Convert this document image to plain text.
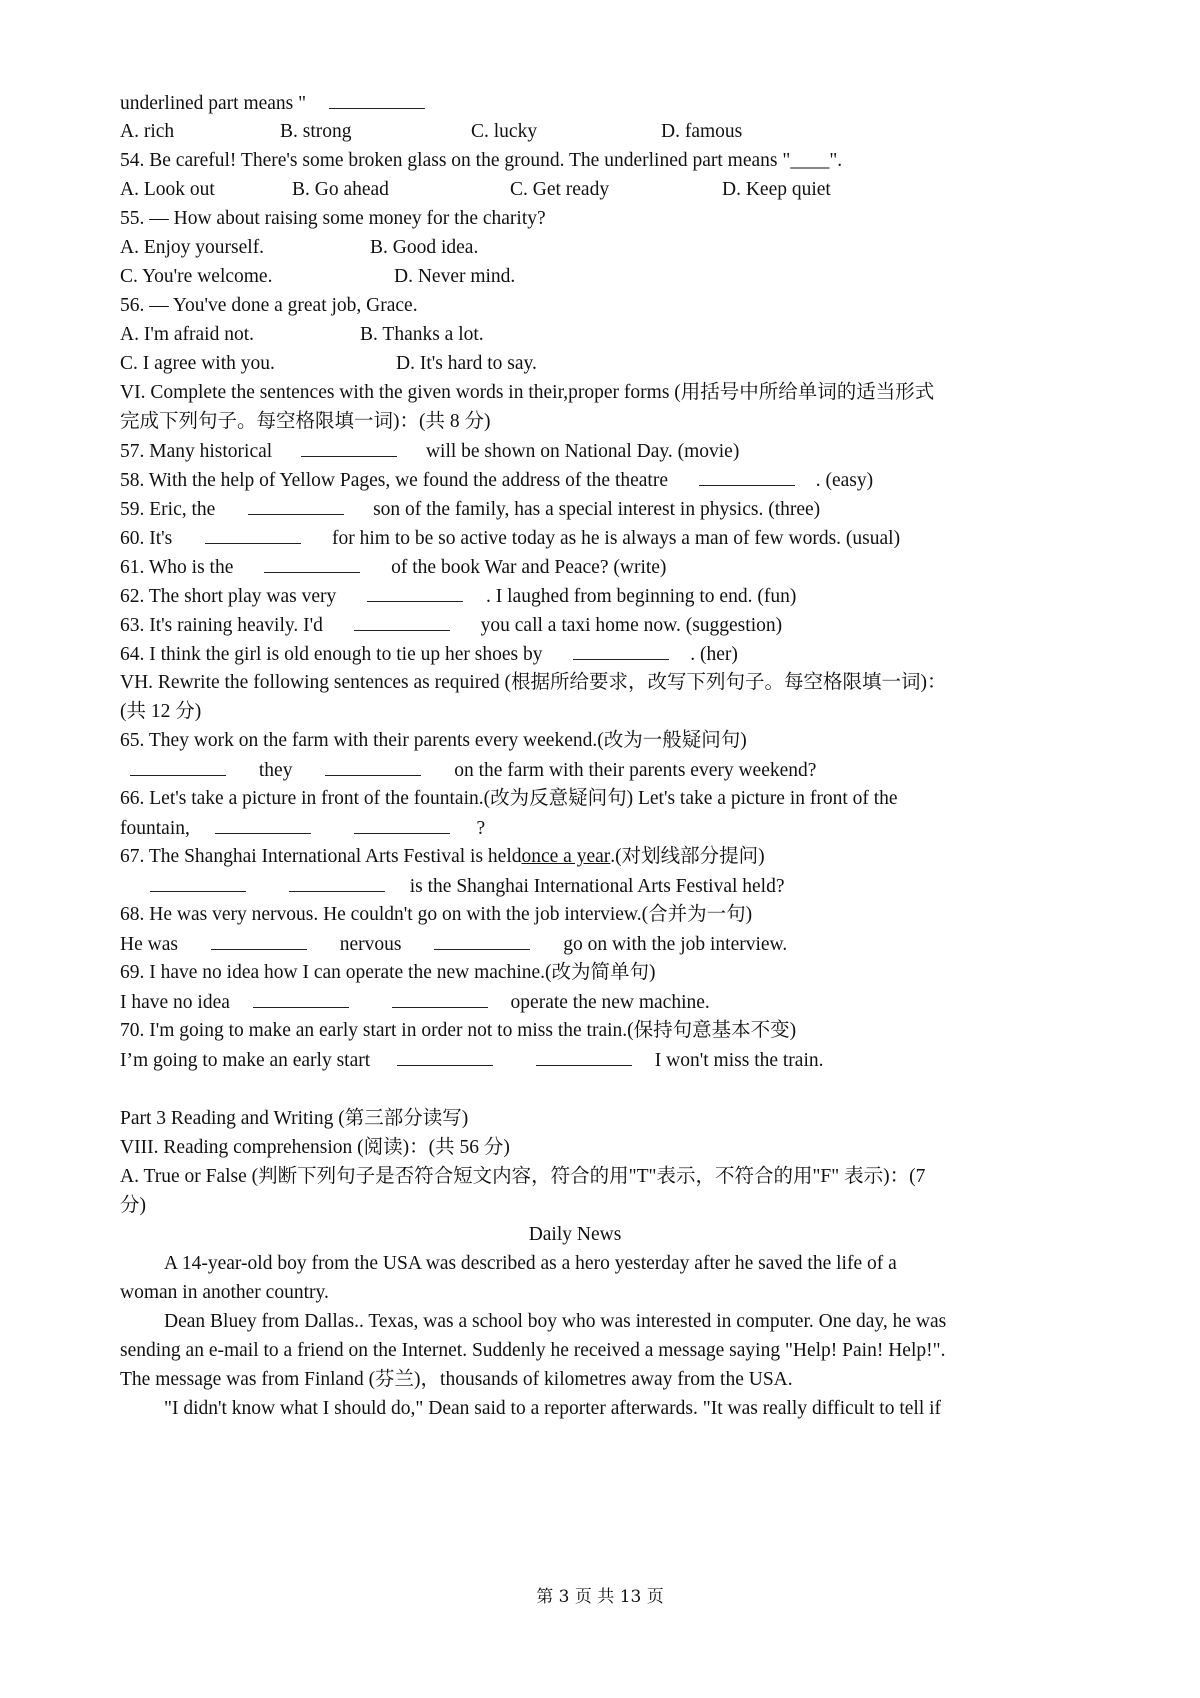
underlined part means "
A. rich	B. strong	C. lucky	D. famous
54. Be careful! There's some broken glass on the ground. The underlined part means "____".
A. Look out	B. Go ahead	C. Get ready	D. Keep quiet
55. — How about raising some money for the charity?
A. Enjoy yourself.	B. Good idea.
C. You're welcome.	D. Never mind.
56. — You've done a great job, Grace.
A. I'm afraid not.	B. Thanks a lot.
C. I agree with you.	D. It's hard to say.
VI. Complete the sentences with the given words in their,proper forms (用括号中所给单词的适当形式
完成下列句子。每空格限填一词)：(共 8 分)
57. Many historical	will be shown on National Day. (movie)
58. With the help of Yellow Pages, we found the address of the theatre	. (easy)
59. Eric, the	son of the family, has a special interest in physics. (three)
60. It's	for him to be so active today as he is always a man of few words. (usual)
61. Who is the	of the book War and Peace? (write)
62. The short play was very	. I laughed from beginning to end. (fun)
63. It's raining heavily. I'd	you call a taxi home now. (suggestion)
64. I think the girl is old enough to tie up her shoes by	. (her)
VH. Rewrite the following sentences as required (根据所给要求，改写下列句子。每空格限填一词)：
(共 12 分)
65. They work on the farm with their parents every weekend.(改为一般疑问句)
they	on the farm with their parents every weekend?
66. Let's take a picture in front of the fountain.(改为反意疑问句) Let's take a picture in front of the
fountain,	?
67. The Shanghai International Arts Festival is heldonce a year.(对划线部分提问)
is the Shanghai International Arts Festival held?
68. He was very nervous. He couldn't go on with the job interview.(合并为一句)
He was	nervous	go on with the job interview.
69. I have no idea how I can operate the new machine.(改为简单句)
I have no idea	operate the new machine.
70. I'm going to make an early start in order not to miss the train.(保持句意基本不变)
I’m going to make an early start	I won't miss the train.
Part 3 Reading and Writing (第三部分读写)
VIII. Reading comprehension (阅读)：(共 56 分)
A. True or False (判断下列句子是否符合短文内容，符合的用"T"表示，不符合的用"F" 表示)：(7
分)
Daily News
A 14-year-old boy from the USA was described as a hero yesterday after he saved the life of a
woman in another country.
Dean Bluey from Dallas.. Texas, was a school boy who was interested in computer. One day, he was
sending an e-mail to a friend on the Internet. Suddenly he received a message saying "Help! Pain! Help!".
The message was from Finland (芬兰)，thousands of kilometres away from the USA.
"I didn't know what I should do," Dean said to a reporter afterwards. "It was really difficult to tell if
第 3 页 共 13 页
